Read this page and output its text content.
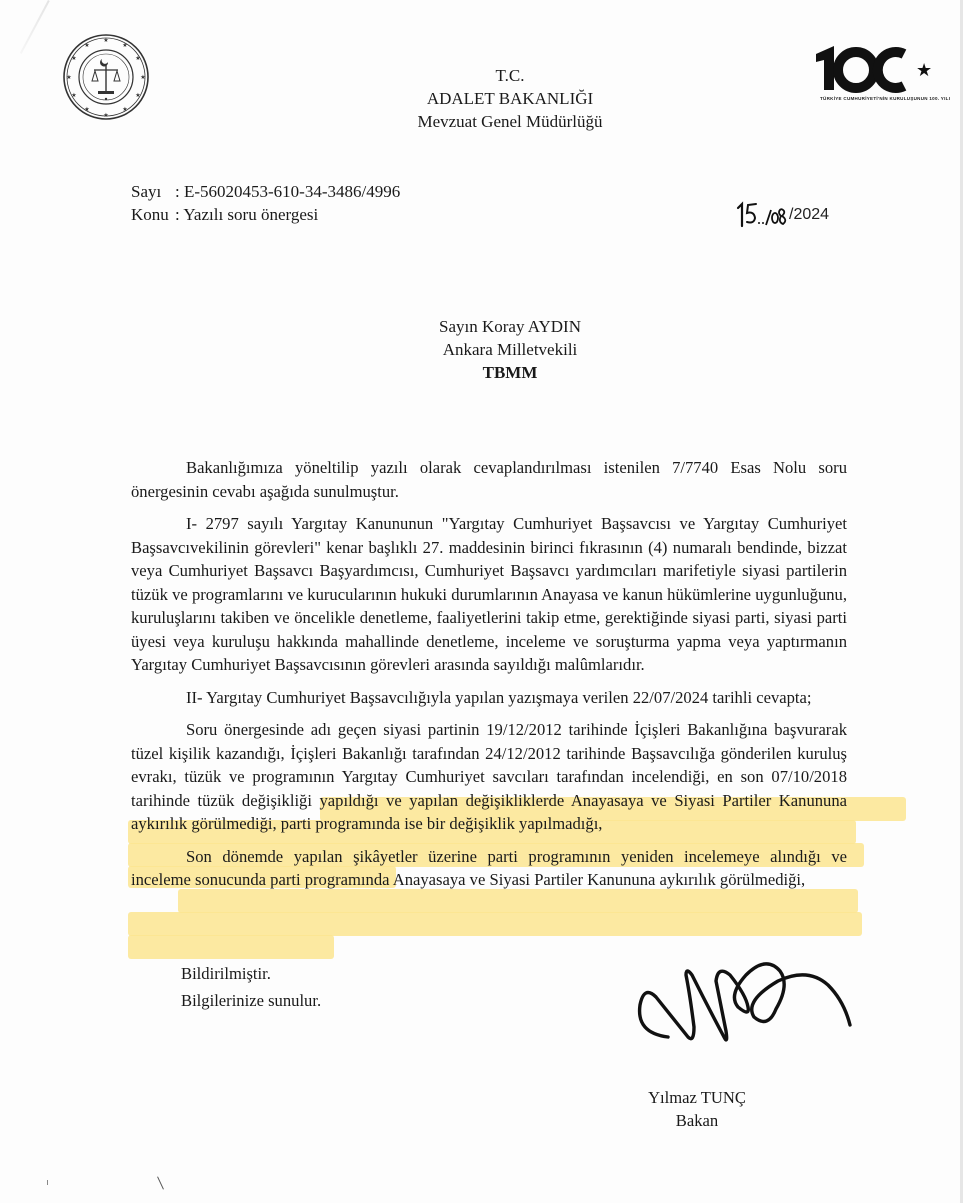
★
★
★
★
★
★
★
★
★
★
★
★
★
TÜRKİYE CUMHURİYETİ'NİN KURULUŞUNUN 100. YILI
T.C.
ADALET BAKANLIĞI
Mevzuat Genel Müdürlüğü
Sayı : E-56020453-610-34-3486/4996
Konu : Yazılı soru önergesi	/2024
Sayın Koray AYDIN
Ankara Milletvekili
TBMM

Bakanlığımıza yöneltilip yazılı olarak cevaplandırılması istenilen 7/7740 Esas Nolu soru önergesinin cevabı aşağıda sunulmuştur.

I- 2797 sayılı Yargıtay Kanununun "Yargıtay Cumhuriyet Başsavcısı ve Yargıtay Cumhuriyet Başsavcıvekilinin görevleri" kenar başlıklı 27. maddesinin birinci fıkrasının (4) numaralı bendinde, bizzat veya Cumhuriyet Başsavcı Başyardımcısı, Cumhuriyet Başsavcı yardımcıları marifetiyle siyasi partilerin tüzük ve programlarını ve kurucularının hukuki durumlarının Anayasa ve kanun hükümlerine uygunluğunu, kuruluşlarını takiben ve öncelikle denetleme, faaliyetlerini takip etme, gerektiğinde siyasi parti, siyasi parti üyesi veya kuruluşu hakkında mahallinde denetleme, inceleme ve soruşturma yapma veya yaptırmanın Yargıtay Cumhuriyet Başsavcısının görevleri arasında sayıldığı malûmlarıdır.

II- Yargıtay Cumhuriyet Başsavcılığıyla yapılan yazışmaya verilen 22/07/2024 tarihli cevapta;

Soru önergesinde adı geçen siyasi partinin 19/12/2012 tarihinde İçişleri Bakanlığına başvurarak tüzel kişilik kazandığı, İçişleri Bakanlığı tarafından 24/12/2012 tarihinde Başsavcılığa gönderilen kuruluş evrakı, tüzük ve programının Yargıtay Cumhuriyet savcıları tarafından incelendiği, en son 07/10/2018 tarihinde tüzük değişikliği yapıldığı ve yapılan değişikliklerde Anayasaya ve Siyasi Partiler Kanununa aykırılık görülmediği, parti programında ise bir değişiklik yapılmadığı,

Son dönemde yapılan şikâyetler üzerine parti programının yeniden incelemeye alındığı ve inceleme sonucunda parti programında Anayasaya ve Siyasi Partiler Kanununa aykırılık görülmediği,

Bildirilmiştir.
Bilgilerinize sunulur.
Yılmaz TUNÇ
Bakan
